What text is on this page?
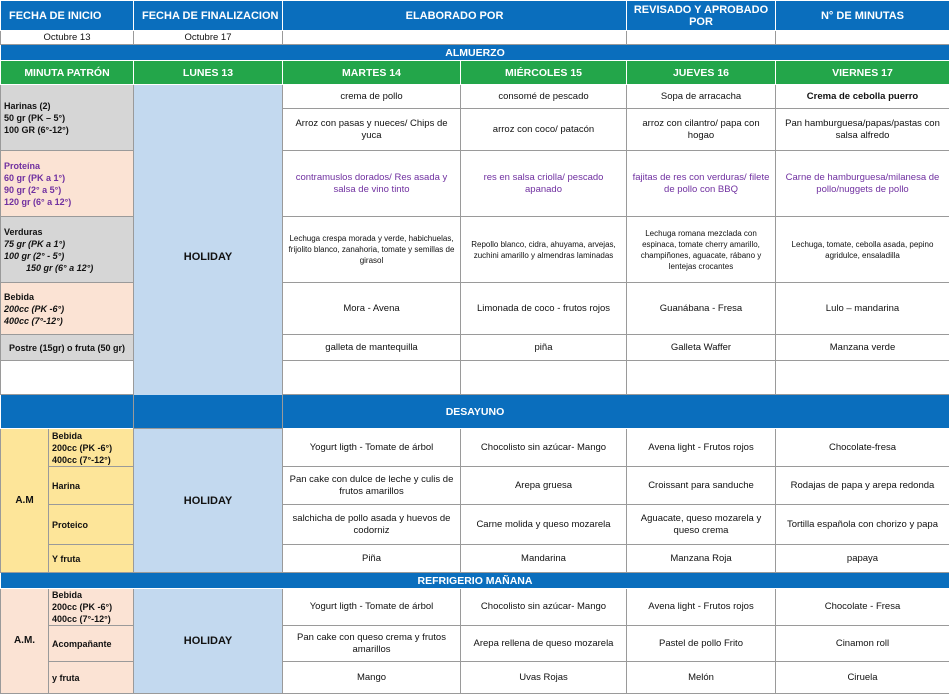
FECHA DE INICIO		FECHA DE FINALIZACION	ELABORADO POR		REVISADO Y APROBADO POR	N° DE MINUTAS
Octubre 13		Octubre 17				
ALMUERZO						
MINUTA PATRÓN		LUNES 13	MARTES 14	MIÉRCOLES 15	JUEVES 16	VIERNES 17

Harinas (2)
50 gr (PK – 5°)
100 GR (6°-12°)		HOLIDAY	crema de pollo	consomé de pescado	Sopa de arracacha	Crema de cebolla puerro
			Arroz con pasas y nueces/ Chips de yuca	arroz con coco/ patacón	arroz con cilantro/ papa con hogao	Pan hamburguesa/papas/pastas con salsa alfredo

Proteína
60 gr (PK a 1°)
90 gr (2° a 5°)
120 gr (6° a 12°)			contramuslos dorados/ Res asada y salsa de vino tinto	res en salsa criolla/ pescado apanado	fajitas de res con verduras/ filete de pollo con BBQ	Carne de hamburguesa/milanesa de pollo/nuggets de pollo

Verduras
75 gr (PK a 1°)
100 gr (2° - 5°)
150 gr (6° a 12°)			Lechuga crespa morada y verde, habichuelas, frijolito blanco, zanahoria, tomate y semillas de girasol	Repollo blanco, cidra, ahuyama, arvejas, zuchini amarillo y almendras laminadas	Lechuga romana mezclada con espinaca, tomate cherry amarillo, champiñones, aguacate, rábano y lentejas crocantes	Lechuga, tomate, cebolla asada, pepino agridulce, ensaladilla

Bebida
200cc (PK -6°)
400cc (7°-12°)			Mora - Avena	Limonada de coco - frutos rojos	Guanábana - Fresa	Lulo – mandarina
Postre (15gr) o fruta (50 gr)			galleta de mantequilla	piña	Galleta Waffer	Manzana verde

DESAYUNO						
A.M	Bebida
200cc (PK -6°)
400cc (7°-12°)	HOLIDAY	Yogurt ligth - Tomate de árbol	Chocolisto sin azúcar- Mango	Avena light - Frutos rojos	Chocolate-fresa
	Harina		Pan cake con dulce de leche y culis de frutos amarillos	Arepa gruesa	Croissant para sanduche	Rodajas de papa y arepa redonda
	Proteico		salchicha de pollo asada y huevos de codorniz	Carne molida y queso mozarela	Aguacate, queso mozarela y queso crema	Tortilla española con chorizo y papa
	Y fruta		Piña	Mandarina	Manzana Roja	papaya
REFRIGERIO MAÑANA						
A.M.	Bebida
200cc (PK -6°)
400cc (7°-12°)	HOLIDAY	Yogurt ligth - Tomate de árbol	Chocolisto sin azúcar- Mango	Avena light - Frutos rojos	Chocolate - Fresa
	Acompañante		Pan cake con queso crema y frutos amarillos	Arepa rellena de queso mozarela	Pastel de pollo Frito	Cinamon roll
	y fruta		Mango	Uvas Rojas	Melón	Ciruela
